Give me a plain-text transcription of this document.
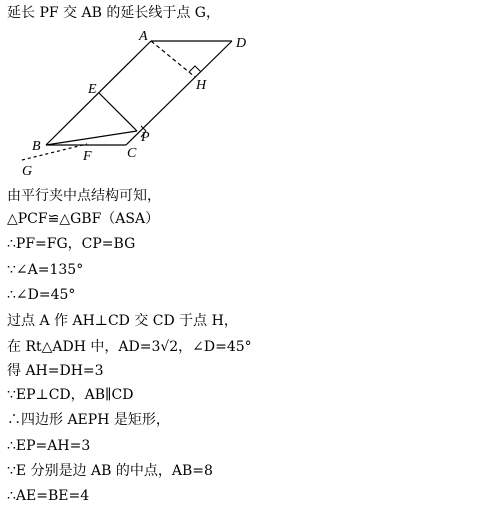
延长 PF 交 AB 的延长线于点 G，
由平行夹中点结构可知，
△PCF≌△GBF（ASA）
∴PF=FG，CP=BG
∵∠A=135°
∴∠D=45°
过点 A 作 AH⊥CD 交 CD 于点 H，
在 Rt△ADH 中，AD=3√2，∠D=45°
得 AH=DH=3
∵EP⊥CD，AB∥CD
∴四边形 AEPH 是矩形，
∴EP=AH=3
∵E 分别是边 AB 的中点，AB=8
∴AE=BE=4
A	D
H
E
P
B
F	C
G
